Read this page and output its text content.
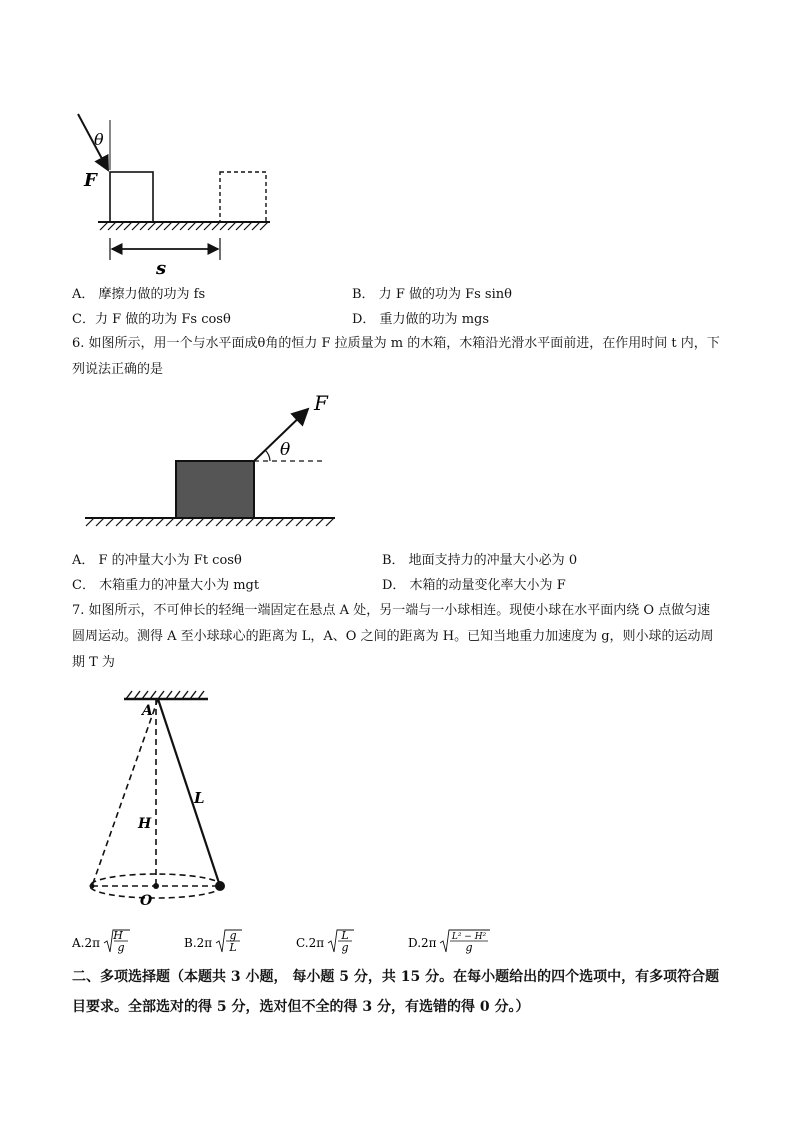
θ
F
s
A． 摩擦力做的功为 fs	B． 力 F 做的功为 Fs sinθ
C．力 F 做的功为 Fs cosθ	D． 重力做的功为 mgs
6. 如图所示，用一个与水平面成θ角的恒力 F 拉质量为 m 的木箱，木箱沿光滑水平面前进，在作用时间 t 内，下列说法正确的是
θ
F
A． F 的冲量大小为 Ft cosθ	B． 地面支持力的冲量大小必为 0
C． 木箱重力的冲量大小为 mgt	D． 木箱的动量变化率大小为 F
7. 如图所示，不可伸长的轻绳一端固定在悬点 A 处，另一端与一小球相连。现使小球在水平面内绕 O 点做匀速圆周运动。测得 A 至小球球心的距离为 L，A、O 之间的距离为 H。已知当地重力加速度为 g，则小球的运动周期 T 为
A
H
L
O
A.2π
H
g	B.2π
g
L	C.2π
L
g	D.2π L² − H²
g
二、多项选择题（本题共 3 小题， 每小题 5 分，共 15 分。在每小题给出的四个选项中，有多项符合题目要求。全部选对的得 5 分，选对但不全的得 3 分，有选错的得 0 分。）
